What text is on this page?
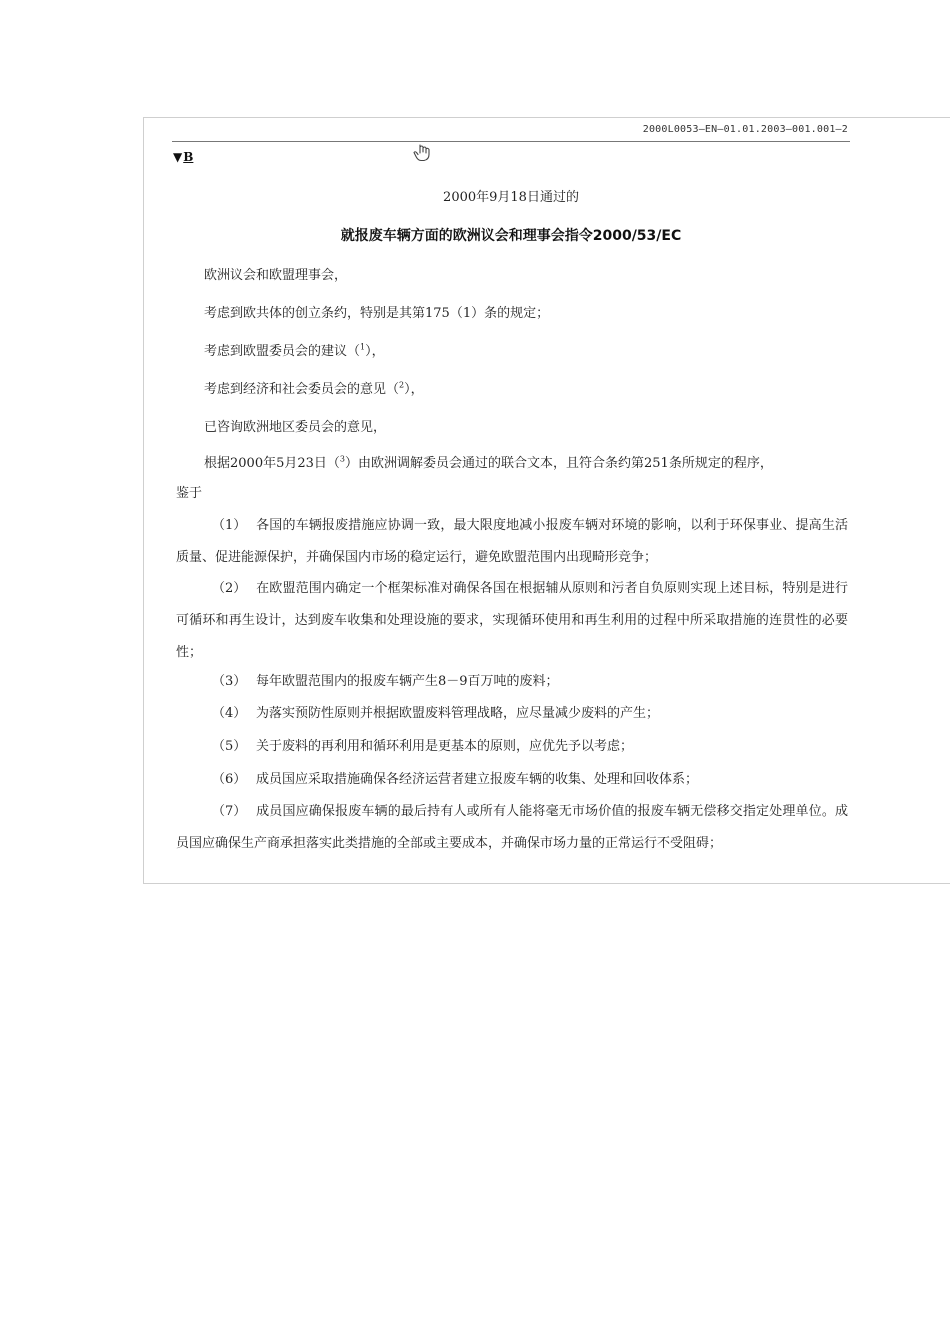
2000L0053—EN—01.01.2003—001.001—2
▼B
2000年9月18日通过的
就报废车辆方面的欧洲议会和理事会指令2000/53/EC

欧洲议会和欧盟理事会，

考虑到欧共体的创立条约，特别是其第175（1）条的规定；

考虑到欧盟委员会的建议（$^1$），

考虑到经济和社会委员会的意见（$^2$），

已咨询欧洲地区委员会的意见，

根据2000年5月23日（$^3$）由欧洲调解委员会通过的联合文本，且符合条约第251条所规定的程序，

鉴于

（1） 各国的车辆报废措施应协调一致，最大限度地减小报废车辆对环境的影响，以利于环保事业、提高生活质量、促进能源保护，并确保国内市场的稳定运行，避免欧盟范围内出现畸形竞争；

（2） 在欧盟范围内确定一个框架标准对确保各国在根据辅从原则和污者自负原则实现上述目标，特别是进行可循环和再生设计，达到废车收集和处理设施的要求，实现循环使用和再生利用的过程中所采取措施的连贯性的必要性；

（3） 每年欧盟范围内的报废车辆产生8－9百万吨的废料；

（4） 为落实预防性原则并根据欧盟废料管理战略，应尽量减少废料的产生；

（5） 关于废料的再利用和循环利用是更基本的原则，应优先予以考虑；

（6） 成员国应采取措施确保各经济运营者建立报废车辆的收集、处理和回收体系；

（7） 成员国应确保报废车辆的最后持有人或所有人能将毫无市场价值的报废车辆无偿移交指定处理单位。成员国应确保生产商承担落实此类措施的全部或主要成本，并确保市场力量的正常运行不受阻碍；
